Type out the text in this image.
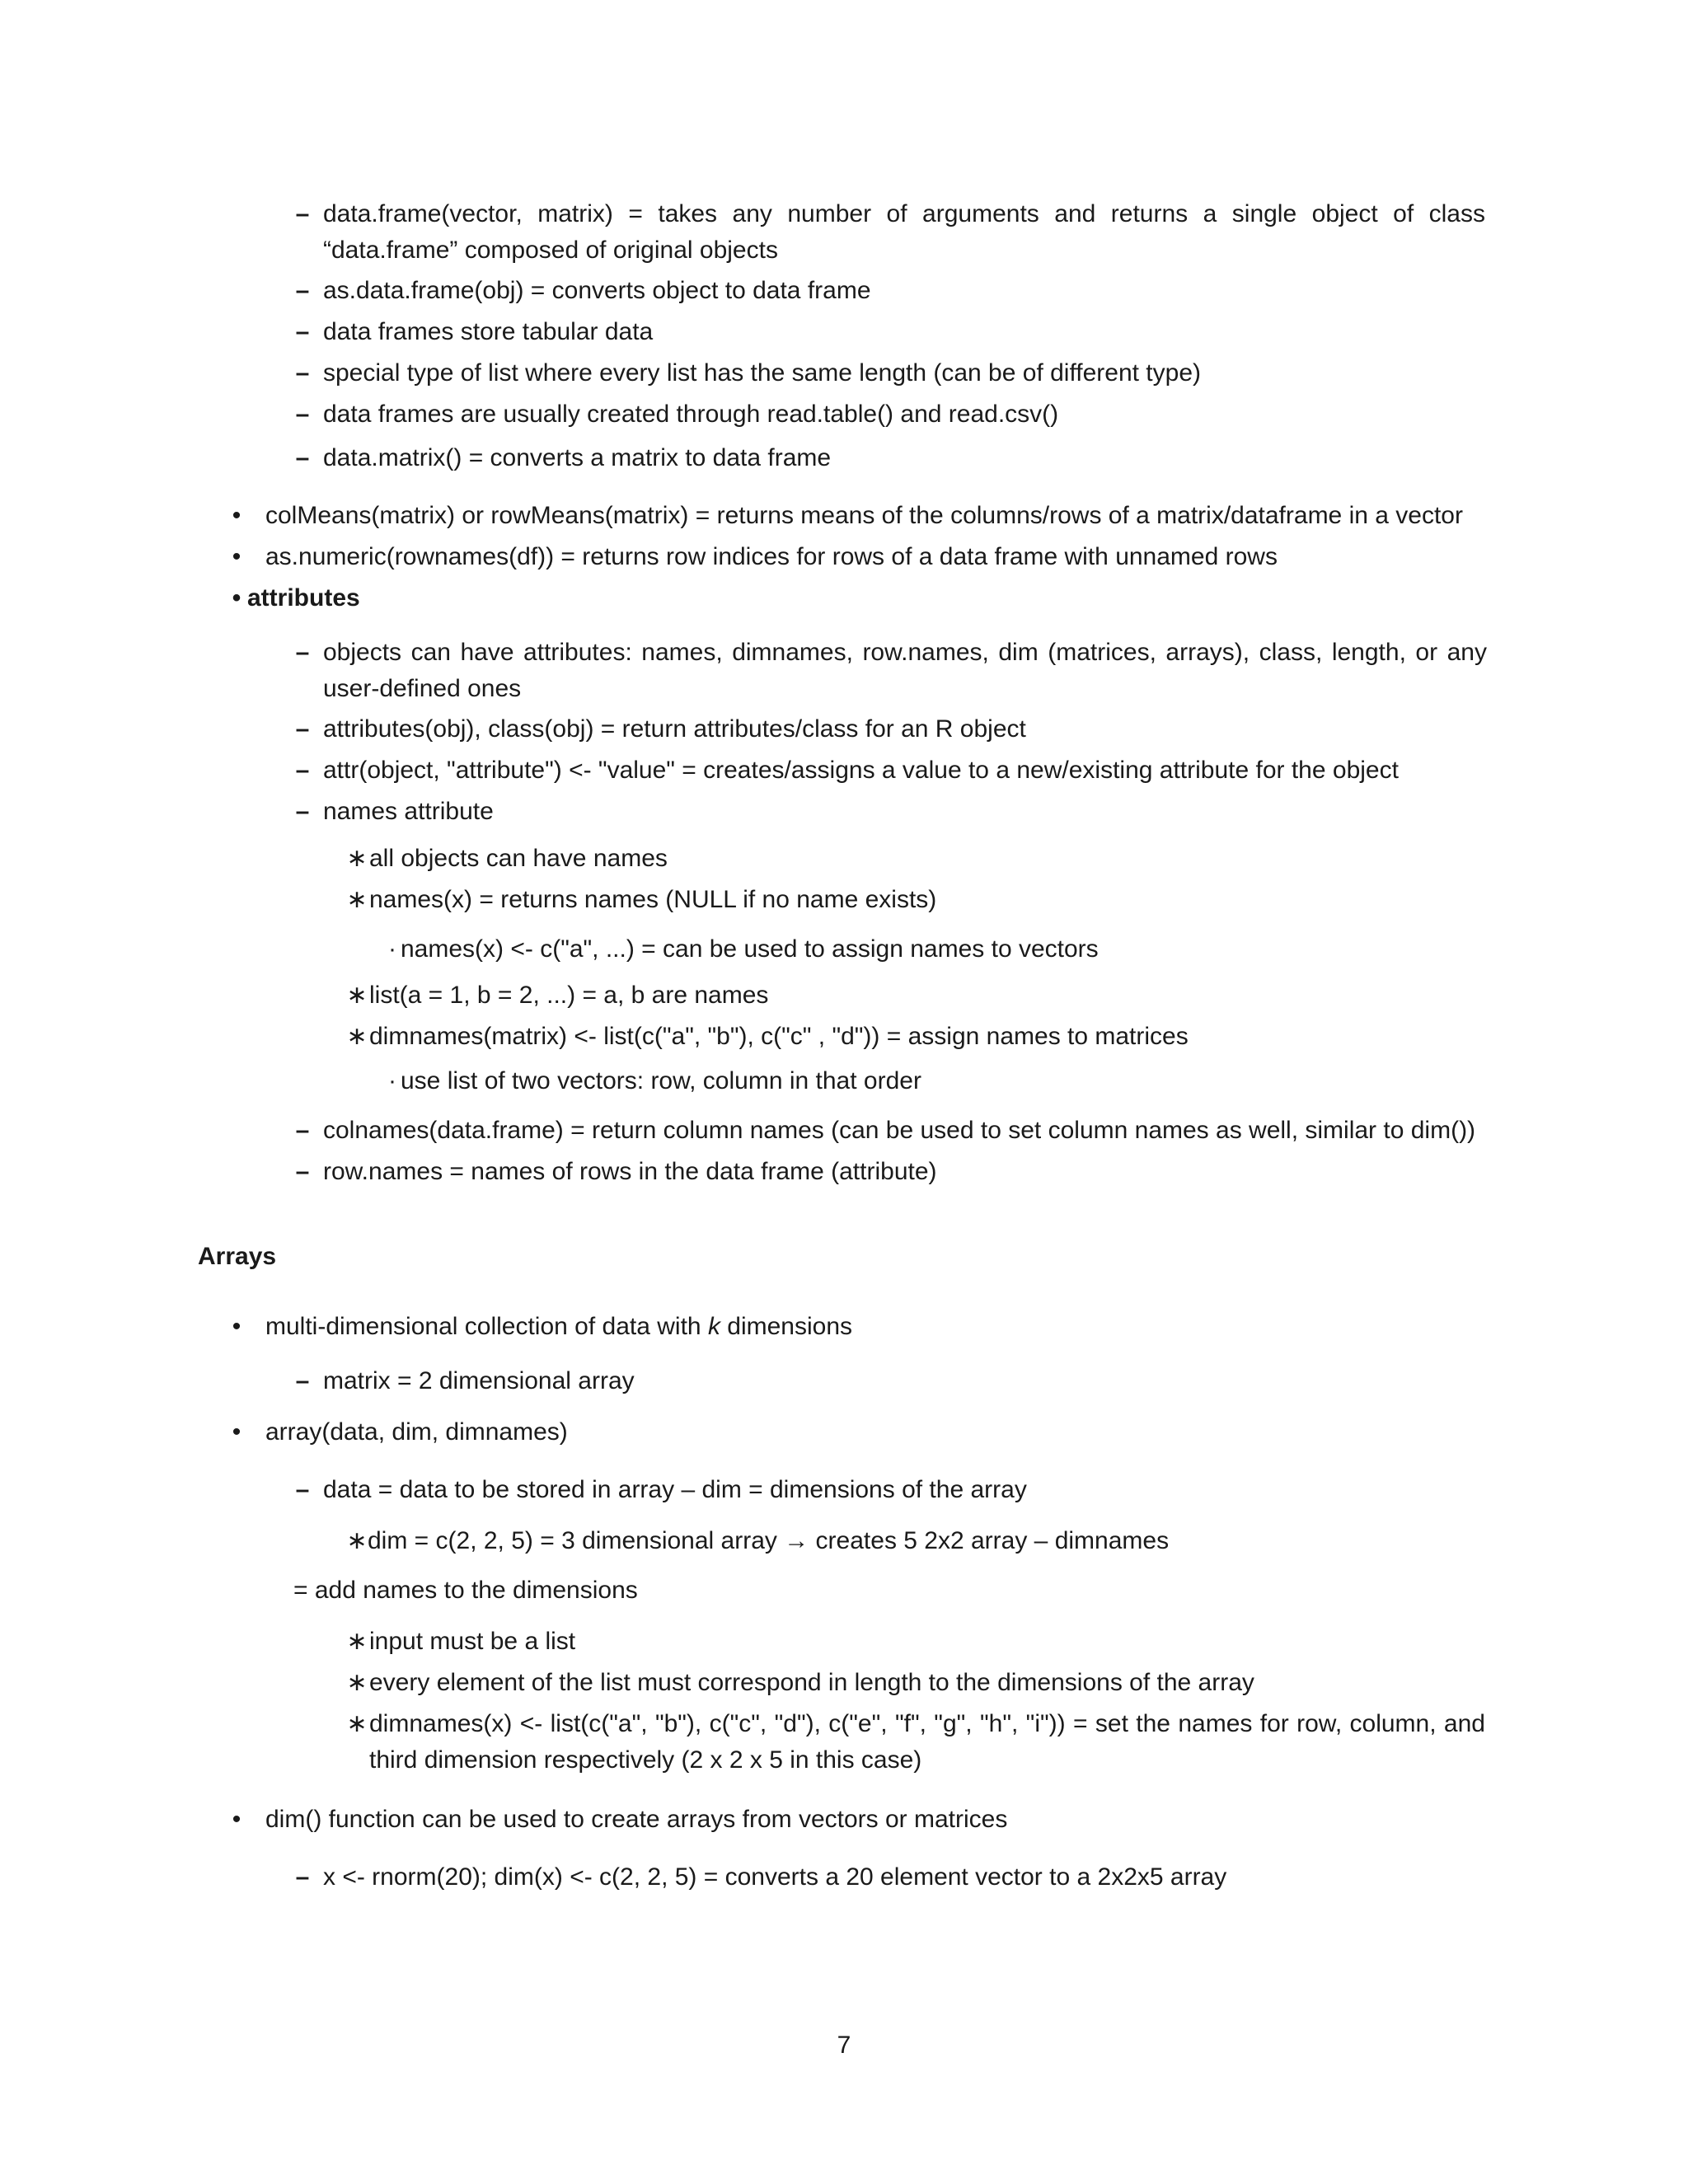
– data.frame(vector, matrix) = takes any number of arguments and returns a single object of class “data.frame” composed of original objects
– as.data.frame(obj) = converts object to data frame
– data frames store tabular data
– special type of list where every list has the same length (can be of different type)
– data frames are usually created through read.table() and read.csv()
– data.matrix() = converts a matrix to data frame
• colMeans(matrix) or rowMeans(matrix) = returns means of the columns/rows of a matrix/dataframe in a vector
• as.numeric(rownames(df)) = returns row indices for rows of a data frame with unnamed rows
• attributes
– objects can have attributes: names, dimnames, row.names, dim (matrices, arrays), class, length, or any user-defined ones
– attributes(obj), class(obj) = return attributes/class for an R object
– attr(object, "attribute") <- "value" = creates/assigns a value to a new/existing attribute for the object
– names attribute
∗ all objects can have names
∗ names(x) = returns names (NULL if no name exists)
· names(x) <- c("a", ...) = can be used to assign names to vectors
∗ list(a = 1, b = 2, ...) = a, b are names
∗ dimnames(matrix) <- list(c("a", "b"), c("c" , "d")) = assign names to matrices
· use list of two vectors: row, column in that order
– colnames(data.frame) = return column names (can be used to set column names as well, similar to dim())
– row.names = names of rows in the data frame (attribute)
Arrays
• multi-dimensional collection of data with k dimensions
– matrix = 2 dimensional array
• array(data, dim, dimnames)
– data = data to be stored in array – dim = dimensions of the array
∗ dim = c(2, 2, 5) = 3 dimensional array → creates 5 2x2 array – dimnames
= add names to the dimensions
∗ input must be a list
∗ every element of the list must correspond in length to the dimensions of the array
∗ dimnames(x) <- list(c("a", "b"), c("c", "d"), c("e", "f", "g", "h", "i")) = set the names for row, column, and third dimension respectively (2 x 2 x 5 in this case)
• dim() function can be used to create arrays from vectors or matrices
– x <- rnorm(20); dim(x) <- c(2, 2, 5) = converts a 20 element vector to a 2x2x5 array
7
